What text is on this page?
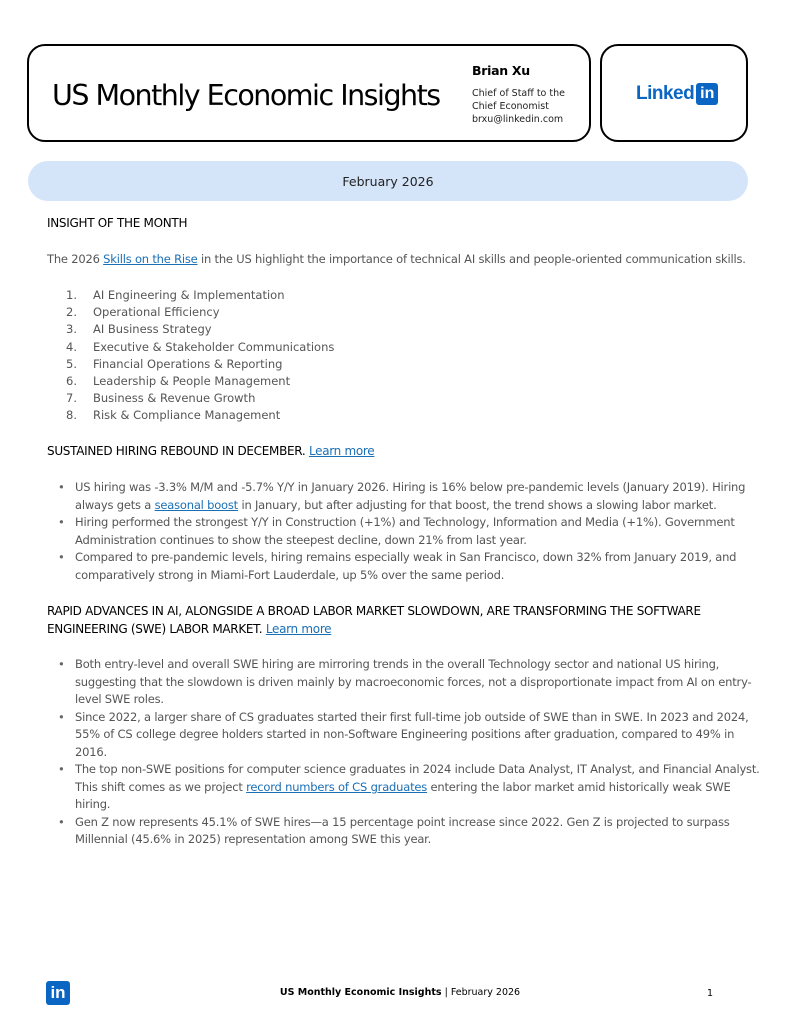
US Monthly Economic Insights
Brian Xu
Chief of Staff to the
Chief Economist
brxu@linkedin.com
Linked in
February 2026
INSIGHT OF THE MONTH
The 2026 Skills on the Rise in the US highlight the importance of technical AI skills and people-oriented communication skills.
1.	AI Engineering & Implementation
2.	Operational Efficiency
3.	AI Business Strategy
4.	Executive & Stakeholder Communications
5.	Financial Operations & Reporting
6.	Leadership & People Management
7.	Business & Revenue Growth
8.	Risk & Compliance Management
SUSTAINED HIRING REBOUND IN DECEMBER. Learn more
• US hiring was -3.3% M/M and -5.7% Y/Y in January 2026. Hiring is 16% below pre-pandemic levels (January 2019). Hiring always gets a seasonal boost in January, but after adjusting for that boost, the trend shows a slowing labor market.
• Hiring performed the strongest Y/Y in Construction (+1%) and Technology, Information and Media (+1%). Government Administration continues to show the steepest decline, down 21% from last year.
• Compared to pre-pandemic levels, hiring remains especially weak in San Francisco, down 32% from January 2019, and comparatively strong in Miami-Fort Lauderdale, up 5% over the same period.
RAPID ADVANCES IN AI, ALONGSIDE A BROAD LABOR MARKET SLOWDOWN, ARE TRANSFORMING THE SOFTWARE
ENGINEERING (SWE) LABOR MARKET. Learn more
• Both entry-level and overall SWE hiring are mirroring trends in the overall Technology sector and national US hiring, suggesting that the slowdown is driven mainly by macroeconomic forces, not a disproportionate impact from AI on entry-level SWE roles.
• Since 2022, a larger share of CS graduates started their first full-time job outside of SWE than in SWE. In 2023 and 2024, 55% of CS college degree holders started in non-Software Engineering positions after graduation, compared to 49% in 2016.
• The top non-SWE positions for computer science graduates in 2024 include Data Analyst, IT Analyst, and Financial Analyst. This shift comes as we project record numbers of CS graduates entering the labor market amid historically weak SWE hiring.
• Gen Z now represents 45.1% of SWE hires—a 15 percentage point increase since 2022. Gen Z is projected to surpass Millennial (45.6% in 2025) representation among SWE this year.
in	US Monthly Economic Insights | February 2026	1
